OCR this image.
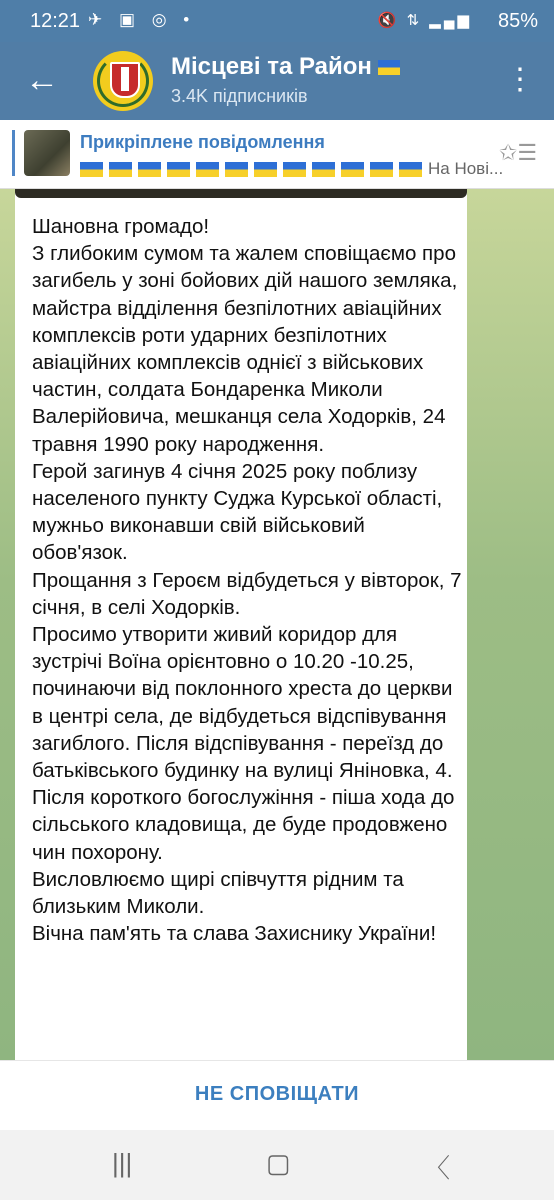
12:21 ✈ ▣ ◎ •	🔇 ⇅ ▂▄▆ 85%
←	Місцеві та Район
3.4K підписників	⋮
Прикріплене повідомлення
На Нові...
✩☰
Шановна громадо!
З глибоким сумом та жалем сповіщаємо про загибель у зоні бойових дій нашого земляка, майстра відділення безпілотних авіаційних комплексів роти ударних безпілотних авіаційних комплексів однієї з військових частин, солдата Бондаренка Миколи Валерійовича, мешканця села Ходорків, 24 травня 1990 року народження.
Герой загинув 4 січня 2025 року поблизу населеного пункту Суджа Курської області, мужньо виконавши свій військовий обов'язок.
Прощання з Героєм відбудеться у вівторок, 7 січня, в селі Ходорків.
Просимо утворити живий коридор для зустрічі Воїна орієнтовно о 10.20 -10.25, починаючи від поклонного хреста до церкви в центрі села, де відбудеться відспівування загиблого. Після відспівування - переїзд до батьківського будинку на вулиці Яніновка, 4. Після короткого богослужіння - піша хода до сільського кладовища, де буде продовжено чин похорону.
Висловлюємо щирі співчуття рідним та близьким Миколи.
Вічна пам'ять та слава Захиснику України!
НЕ СПОВІЩАТИ
|||	▢	〈
